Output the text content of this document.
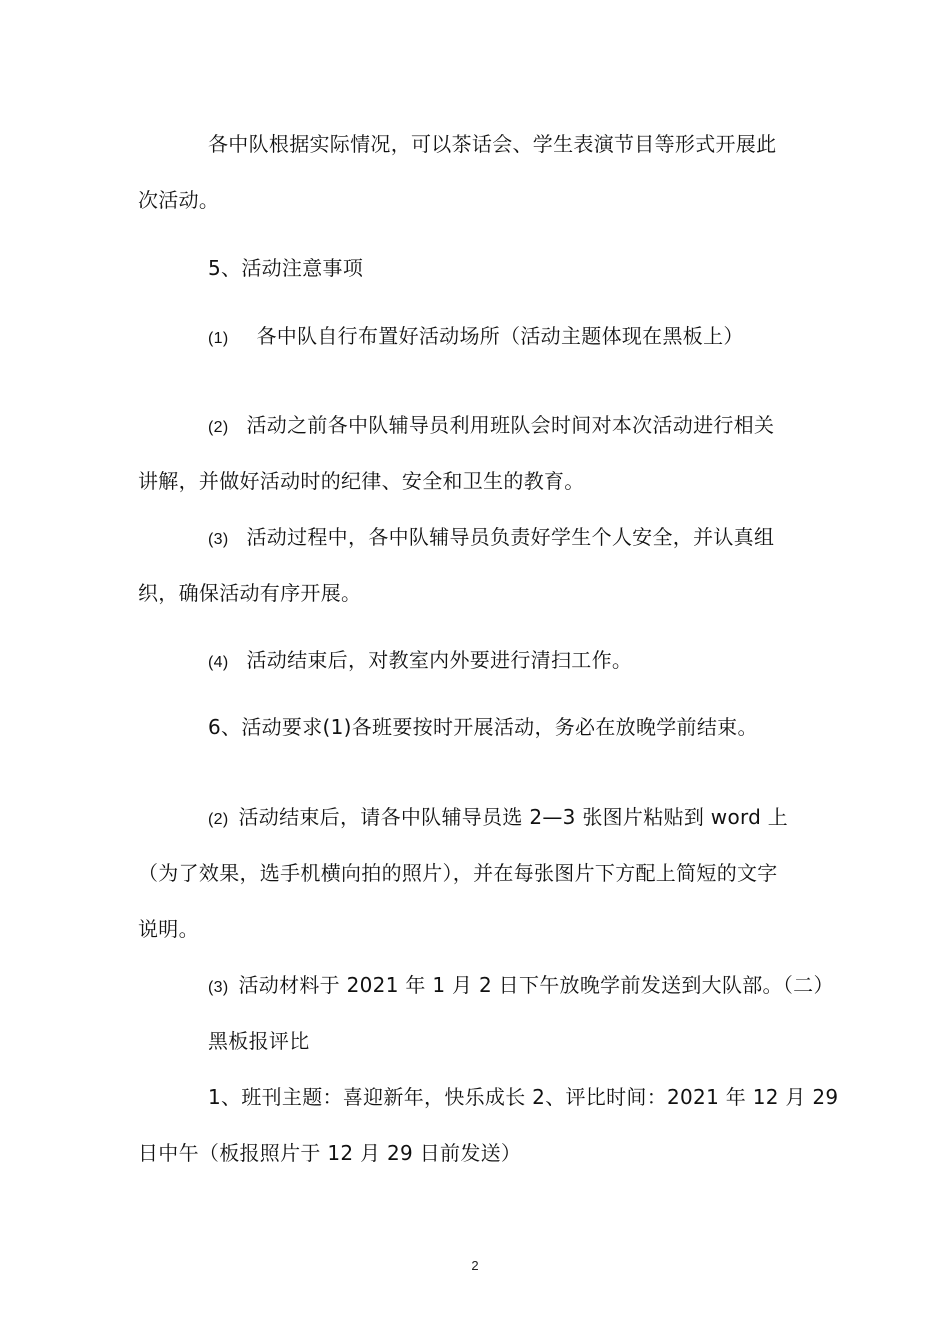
各中队根据实际情况，可以茶话会、学生表演节目等形式开展此
次活动。
5、活动注意事项
(1) 各中队自行布置好活动场所（活动主题体现在黑板上）
(2) 活动之前各中队辅导员利用班队会时间对本次活动进行相关
讲解，并做好活动时的纪律、安全和卫生的教育。
(3) 活动过程中，各中队辅导员负责好学生个人安全，并认真组
织，确保活动有序开展。
(4) 活动结束后，对教室内外要进行清扫工作。
6、活动要求(1)各班要按时开展活动，务必在放晚学前结束。
(2) 活动结束后，请各中队辅导员选 2—3 张图片粘贴到 word 上
（为了效果，选手机横向拍的照片），并在每张图片下方配上简短的文字
说明。
(3) 活动材料于 2021 年 1 月 2 日下午放晚学前发送到大队部。（二）
黑板报评比
1、班刊主题：喜迎新年，快乐成长 2、评比时间：2021 年 12 月 29
日中午（板报照片于 12 月 29 日前发送）
2
